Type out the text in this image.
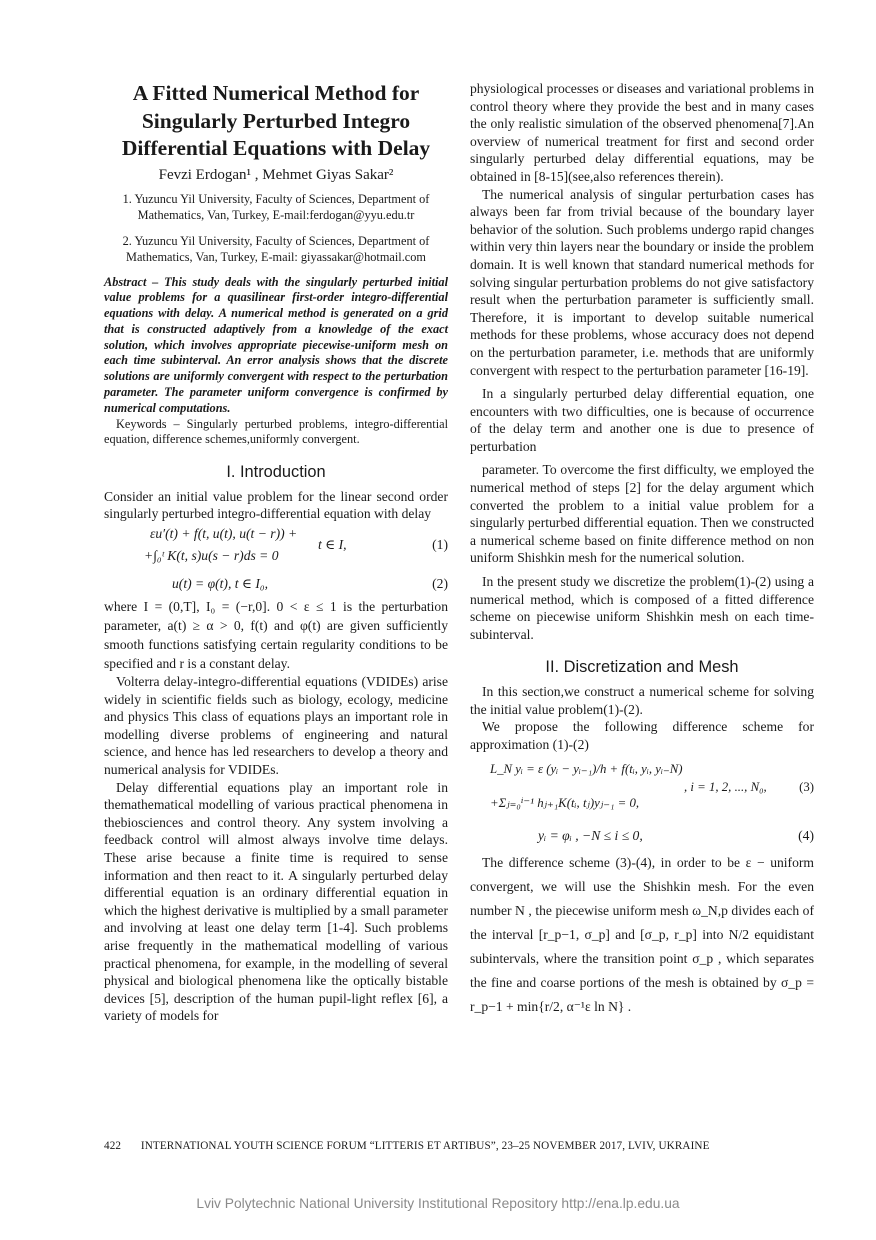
A Fitted Numerical Method for Singularly Perturbed Integro Differential Equations with Delay
Fevzi Erdogan¹ , Mehmet Giyas Sakar²
1. Yuzuncu Yil University, Faculty of Sciences, Department of Mathematics, Van, Turkey, E-mail:ferdogan@yyu.edu.tr
2. Yuzuncu Yil University, Faculty of Sciences, Department of Mathematics, Van, Turkey, E-mail: giyassakar@hotmail.com
Abstract – This study deals with the singularly perturbed initial value problems for a quasilinear first-order integro-differential equations with delay. A numerical method is generated on a grid that is constructed adaptively from a knowledge of the exact solution, which involves appropriate piecewise-uniform mesh on each time subinterval. An error analysis shows that the discrete solutions are uniformly convergent with respect to the perturbation parameter. The parameter uniform convergence is confirmed by numerical computations.
Keywords – Singularly perturbed problems, integro-differential equation, difference schemes,uniformly convergent.
I. Introduction

Consider an initial value problem for the linear second order singularly perturbed integro-differential equation with delay

εu′(t) + f(t, u(t), u(t − r)) +
+∫₀ᵗ K(t, s)u(s − r)ds = 0
t ∈ I,	(1)
u(t) = φ(t), t ∈ I₀,	(2)

where I = (0,T], I₀ = (−r,0]. 0 < ε ≤ 1 is the perturbation parameter, a(t) ≥ α > 0, f(t) and φ(t) are given sufficiently smooth functions satisfying certain regularity conditions to be specified and r is a constant delay.

Volterra delay-integro-differential equations (VDIDEs) arise widely in scientific fields such as biology, ecology, medicine and physics This class of equations plays an important role in modelling diverse problems of engineering and natural science, and hence has led researchers to develop a theory and numerical analysis for VDIDEs.

Delay differential equations play an important role in themathematical modelling of various practical phenomena in thebiosciences and control theory. Any system involving a feedback control will almost always involve time delays. These arise because a finite time is required to sense information and then react to it. A singularly perturbed delay differential equation is an ordinary differential equation in which the highest derivative is multiplied by a small parameter and involving at least one delay term [1-4]. Such problems arise frequently in the mathematical modelling of various practical phenomena, for example, in the modelling of several physical and biological phenomena like the optically bistable devices [5], description of the human pupil-light reflex [6], a variety of models for

physiological processes or diseases and variational problems in control theory where they provide the best and in many cases the only realistic simulation of the observed phenomena[7].An overview of numerical treatment for first and second order singularly perturbed delay differential equations, may be obtained in [8-15](see,also references therein).

The numerical analysis of singular perturbation cases has always been far from trivial because of the boundary layer behavior of the solution. Such problems undergo rapid changes within very thin layers near the boundary or inside the problem domain. It is well known that standard numerical methods for solving singular perturbation problems do not give satisfactory result when the perturbation parameter is sufficiently small. Therefore, it is important to develop suitable numerical methods for these problems, whose accuracy does not depend on the perturbation parameter, i.e. methods that are uniformly convergent with respect to the perturbation parameter [16-19].

In a singularly perturbed delay differential equation, one encounters with two difficulties, one is because of occurrence of the delay term and another one is due to presence of perturbation

parameter. To overcome the first difficulty, we employed the numerical method of steps [2] for the delay argument which converted the problem to a initial value problem for a singularly perturbed differential equation. Then we constructed a numerical scheme based on finite difference method on non uniform Shishkin mesh for the numerical solution.

In the present study we discretize the problem(1)-(2) using a numerical method, which is composed of a fitted difference scheme on piecewise uniform Shishkin mesh on each time-subinterval.

II. Discretization and Mesh

In this section,we construct a numerical scheme for solving the initial value problem(1)-(2).

We propose the following difference scheme for approximation (1)-(2)

L_N yᵢ = ε (yᵢ − yᵢ₋₁)/h + f(tᵢ, yᵢ, yᵢ₋N)
+Σⱼ₌₀ⁱ⁻¹ hⱼ₊₁K(tᵢ, tⱼ)yⱼ₋₁ = 0,
, i = 1, 2, ..., N₀,	(3)
yᵢ = φᵢ , −N ≤ i ≤ 0,	(4)

The difference scheme (3)-(4), in order to be ε − uniform convergent, we will use the Shishkin mesh. For the even number N , the piecewise uniform mesh ω_N,p divides each of the interval [r_p−1, σ_p] and [σ_p, r_p] into N/2 equidistant subintervals, where the transition point σ_p , which separates the fine and coarse portions of the mesh is obtained by σ_p = r_p−1 + min{r/2, α⁻¹ε ln N} .

422 INTERNATIONAL YOUTH SCIENCE FORUM “LITTERIS ET ARTIBUS”, 23–25 NOVEMBER 2017, LVIV, UKRAINE
Lviv Polytechnic National University Institutional Repository http://ena.lp.edu.ua
